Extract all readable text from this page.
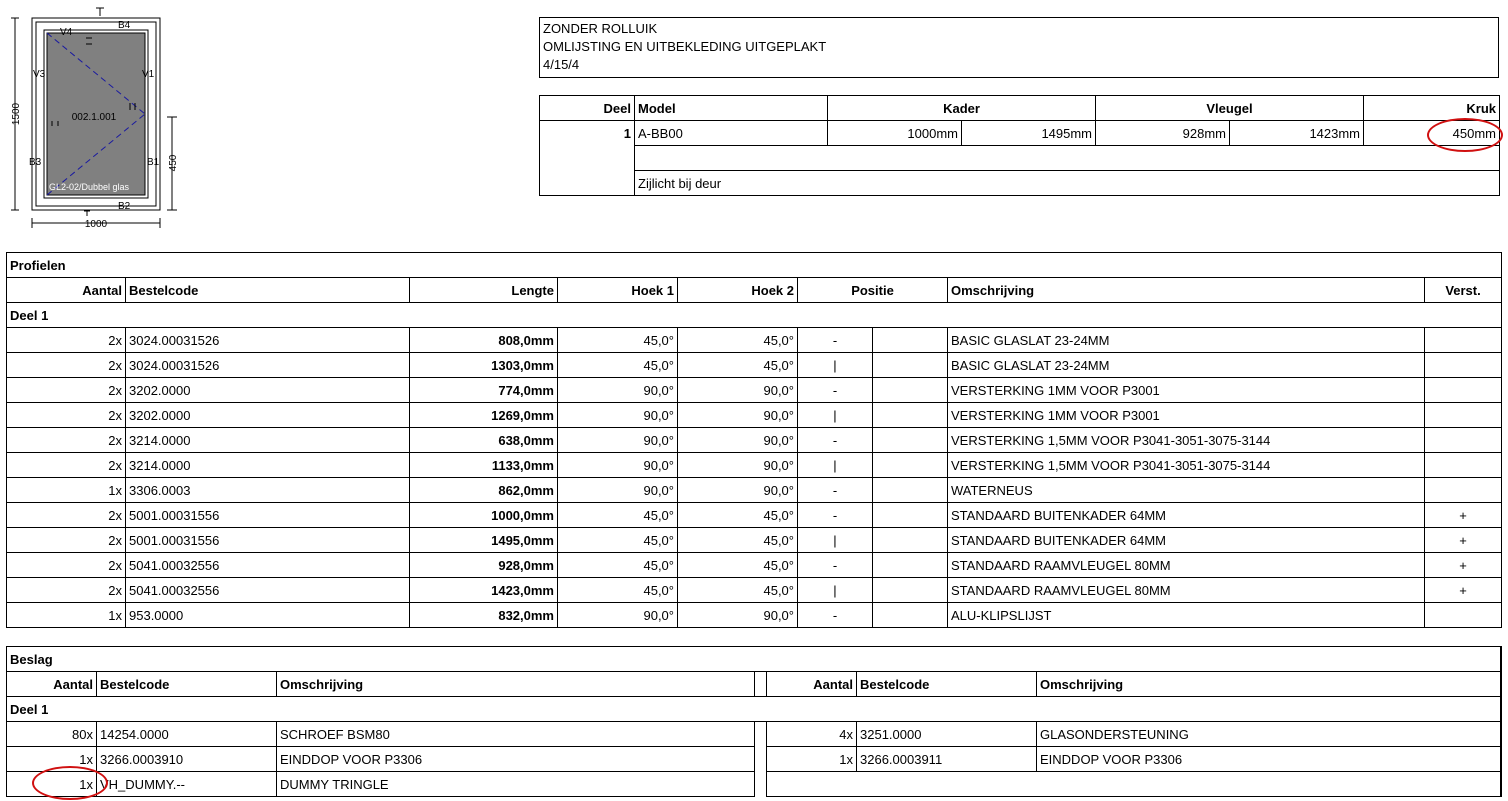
1500
1000
450
002.1.001
GL2-02/Dubbel glas
V4
B4
V3	V1
B3	B1
B2
ZONDER ROLLUIK
OMLIJSTING EN UITBEKLEDING UITGEPLAKT
4/15/4
Deel	Model	Kader		Vleugel		Kruk
1	A-BB00	1000mm	1495mm	928mm	1423mm	450mm

	Zijlicht bij deur					
Profielen								
Aantal	Bestelcode	Lengte	Hoek 1	Hoek 2	Positie		Omschrijving	Verst.
Deel 1								
2x	3024.00031526	808,0mm	45,0°	45,0°	-		BASIC GLASLAT 23-24MM	
2x	3024.00031526	1303,0mm	45,0°	45,0°	|		BASIC GLASLAT 23-24MM	
2x	3202.0000	774,0mm	90,0°	90,0°	-		VERSTERKING 1MM VOOR P3001	
2x	3202.0000	1269,0mm	90,0°	90,0°	|		VERSTERKING 1MM VOOR P3001	
2x	3214.0000	638,0mm	90,0°	90,0°	-		VERSTERKING 1,5MM VOOR P3041-3051-3075-3144	
2x	3214.0000	1133,0mm	90,0°	90,0°	|		VERSTERKING 1,5MM VOOR P3041-3051-3075-3144	
1x	3306.0003	862,0mm	90,0°	90,0°	-		WATERNEUS	
2x	5001.00031556	1000,0mm	45,0°	45,0°	-		STANDAARD BUITENKADER 64MM	+
2x	5001.00031556	1495,0mm	45,0°	45,0°	|		STANDAARD BUITENKADER 64MM	+
2x	5041.00032556	928,0mm	45,0°	45,0°	-		STANDAARD RAAMVLEUGEL 80MM	+
2x	5041.00032556	1423,0mm	45,0°	45,0°	|		STANDAARD RAAMVLEUGEL 80MM	+
1x	953.0000	832,0mm	90,0°	90,0°	-		ALU-KLIPSLIJST	
Beslag						
Aantal	Bestelcode	Omschrijving		Aantal	Bestelcode	Omschrijving
Deel 1						
80x	14254.0000	SCHROEF BSM80		4x	3251.0000	GLASONDERSTEUNING
1x	3266.0003910	EINDDOP VOOR P3306		1x	3266.0003911	EINDDOP VOOR P3306
1x	VH_DUMMY.--	DUMMY TRINGLE				
